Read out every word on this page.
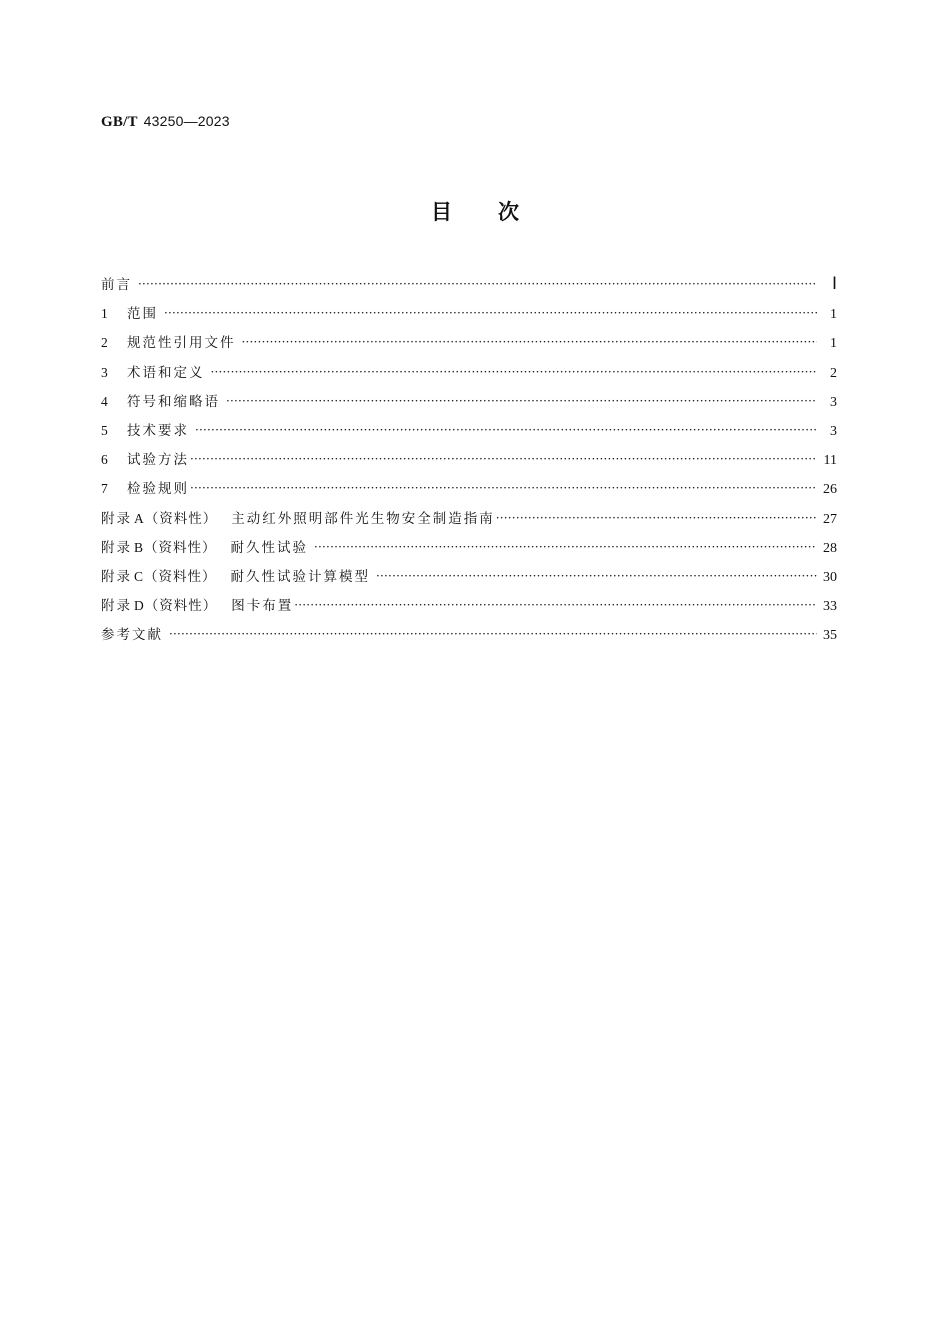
GB/T 43250—2023
目 次
前言 ·····	Ⅰ
1 范围 ·····	1
2 规范性引用文件 ·····	1
3 术语和定义 ·····	2
4 符号和缩略语 ·····	3
5 技术要求 ·····	3
6 试验方法 ·····	11
7 检验规则 ·····	26
附录 A（资料性） 主动红外照明部件光生物安全制造指南 ·····	27
附录 B（资料性） 耐久性试验 ·····	28
附录 C（资料性） 耐久性试验计算模型 ·····	30
附录 D（资料性） 图卡布置 ·····	33
参考文献 ·····	35
